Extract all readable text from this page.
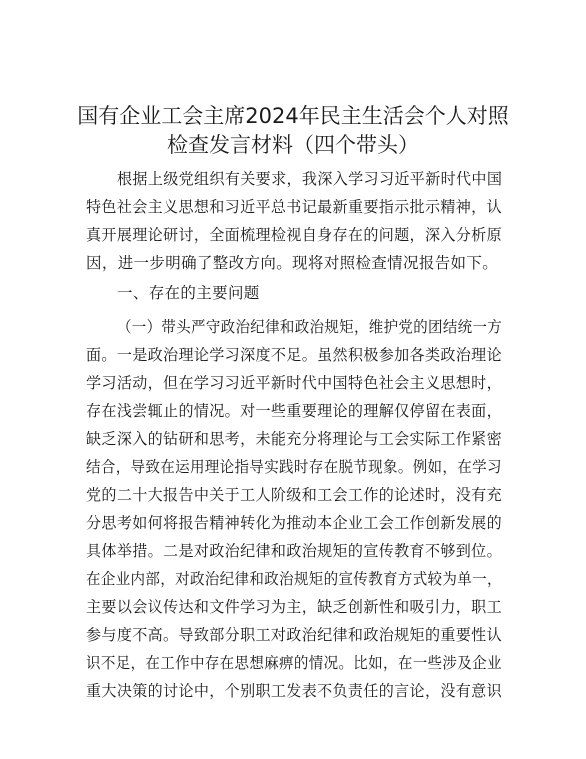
国有企业工会主席2024年民主生活会个人对照
检查发言材料（四个带头）
根据上级党组织有关要求，我深入学习习近平新时代中国
特色社会主义思想和习近平总书记最新重要指示批示精神，认
真开展理论研讨，全面梳理检视自身存在的问题，深入分析原
因，进一步明确了整改方向。现将对照检查情况报告如下。
一、存在的主要问题
（一）带头严守政治纪律和政治规矩，维护党的团结统一方
面。一是政治理论学习深度不足。虽然积极参加各类政治理论
学习活动，但在学习习近平新时代中国特色社会主义思想时，
存在浅尝辄止的情况。对一些重要理论的理解仅停留在表面，
缺乏深入的钻研和思考，未能充分将理论与工会实际工作紧密
结合，导致在运用理论指导实践时存在脱节现象。例如，在学习
党的二十大报告中关于工人阶级和工会工作的论述时，没有充
分思考如何将报告精神转化为推动本企业工会工作创新发展的
具体举措。二是对政治纪律和政治规矩的宣传教育不够到位。
在企业内部，对政治纪律和政治规矩的宣传教育方式较为单一，
主要以会议传达和文件学习为主，缺乏创新性和吸引力，职工
参与度不高。导致部分职工对政治纪律和政治规矩的重要性认
识不足，在工作中存在思想麻痹的情况。比如，在一些涉及企业
重大决策的讨论中，个别职工发表不负责任的言论，没有意识
